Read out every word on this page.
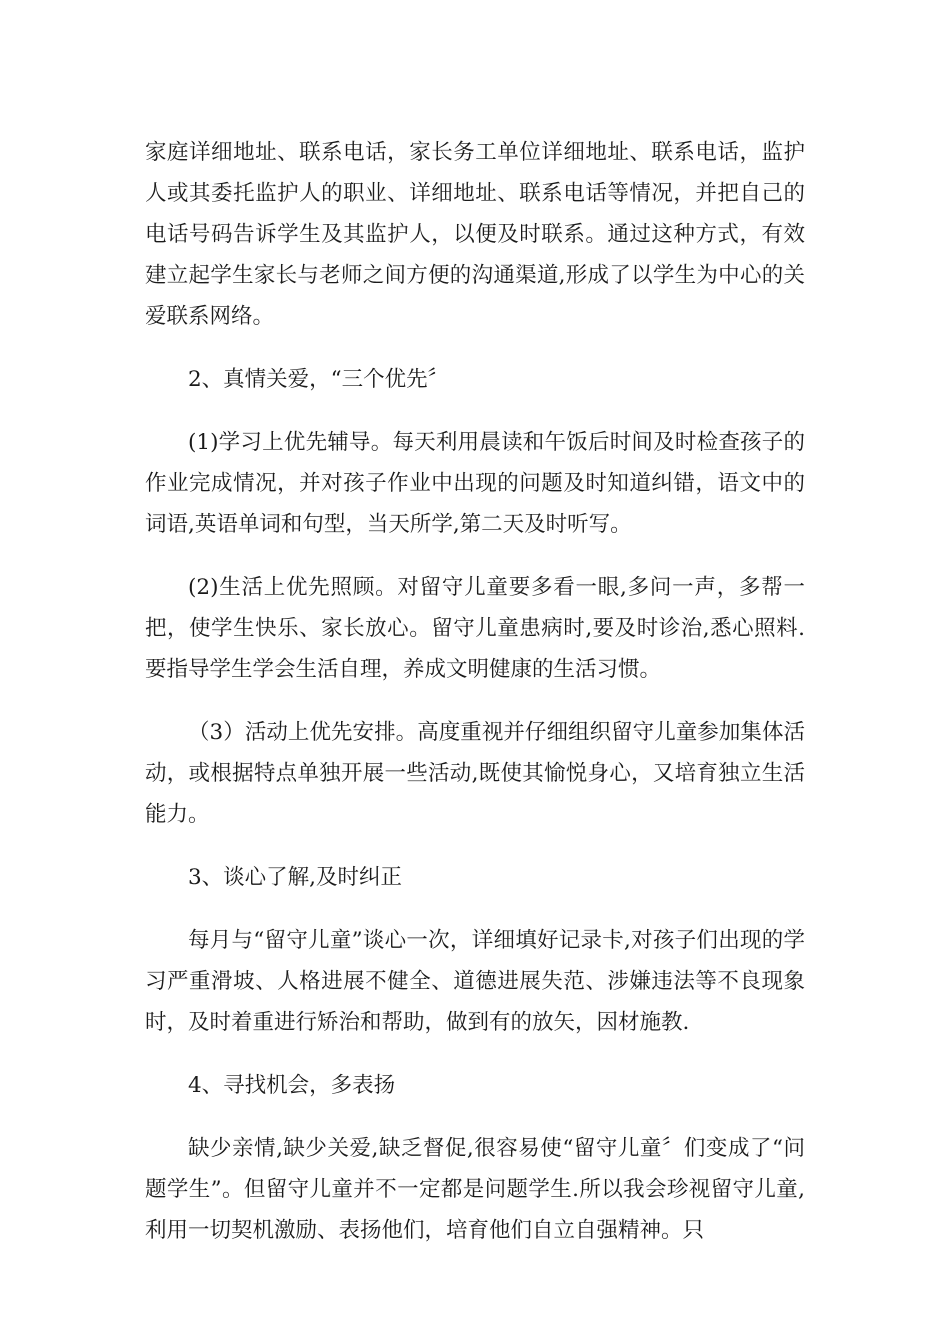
家庭详细地址、联系电话，家长务工单位详细地址、联系电话，监护人或其委托监护人的职业、详细地址、联系电话等情况，并把自己的电话号码告诉学生及其监护人，以便及时联系。通过这种方式，有效建立起学生家长与老师之间方便的沟通渠道,形成了以学生为中心的关爱联系网络。

2、真情关爱，“三个优先〞

(1)学习上优先辅导。每天利用晨读和午饭后时间及时检查孩子的作业完成情况，并对孩子作业中出现的问题及时知道纠错，语文中的词语,英语单词和句型，当天所学,第二天及时听写。

(2)生活上优先照顾。对留守儿童要多看一眼,多问一声，多帮一把，使学生快乐、家长放心。留守儿童患病时,要及时诊治,悉心照料.要指导学生学会生活自理，养成文明健康的生活习惯。

（3）活动上优先安排。高度重视并仔细组织留守儿童参加集体活动，或根据特点单独开展一些活动,既使其愉悦身心，又培育独立生活能力。

3、谈心了解,及时纠正

每月与“留守儿童”谈心一次，详细填好记录卡,对孩子们出现的学习严重滑坡、人格进展不健全、道德进展失范、涉嫌违法等不良现象时，及时着重进行矫治和帮助，做到有的放矢，因材施教.

4、寻找机会，多表扬

缺少亲情,缺少关爱,缺乏督促,很容易使“留守儿童〞们变成了“问题学生”。但留守儿童并不一定都是问题学生.所以我会珍视留守儿童,利用一切契机激励、表扬他们，培育他们自立自强精神。只
